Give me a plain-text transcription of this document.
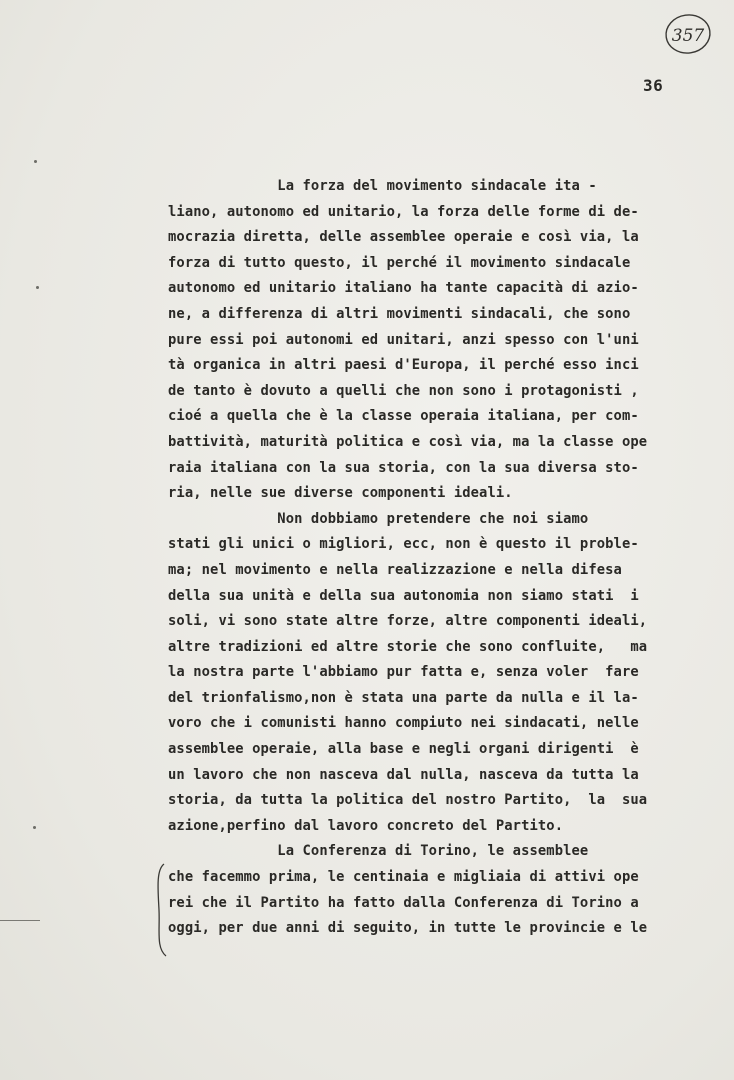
357
36
La forza del movimento sindacale ita -
liano, autonomo ed unitario, la forza delle forme di de-
mocrazia diretta, delle assemblee operaie e così via, la
forza di tutto questo, il perché il movimento sindacale
autonomo ed unitario italiano ha tante capacità di azio-
ne, a differenza di altri movimenti sindacali, che sono
pure essi poi autonomi ed unitari, anzi spesso con l'uni
tà organica in altri paesi d'Europa, il perché esso inci
de tanto è dovuto a quelli che non sono i protagonisti ,
cioé a quella che è la classe operaia italiana, per com-
battività, maturità politica e così via, ma la classe ope
raia italiana con la sua storia, con la sua diversa sto-
ria, nelle sue diverse componenti ideali.
Non dobbiamo pretendere che noi siamo
stati gli unici o migliori, ecc, non è questo il proble-
ma; nel movimento e nella realizzazione e nella difesa
della sua unità e della sua autonomia non siamo stati  i
soli, vi sono state altre forze, altre componenti ideali,
altre tradizioni ed altre storie che sono confluite,   ma
la nostra parte l'abbiamo pur fatta e, senza voler  fare
del trionfalismo,non è stata una parte da nulla e il la-
voro che i comunisti hanno compiuto nei sindacati, nelle
assemblee operaie, alla base e negli organi dirigenti  è
un lavoro che non nasceva dal nulla, nasceva da tutta la
storia, da tutta la politica del nostro Partito,  la  sua
azione,perfino dal lavoro concreto del Partito.
La Conferenza di Torino, le assemblee
che facemmo prima, le centinaia e migliaia di attivi ope
rei che il Partito ha fatto dalla Conferenza di Torino a
oggi, per due anni di seguito, in tutte le provincie e le
